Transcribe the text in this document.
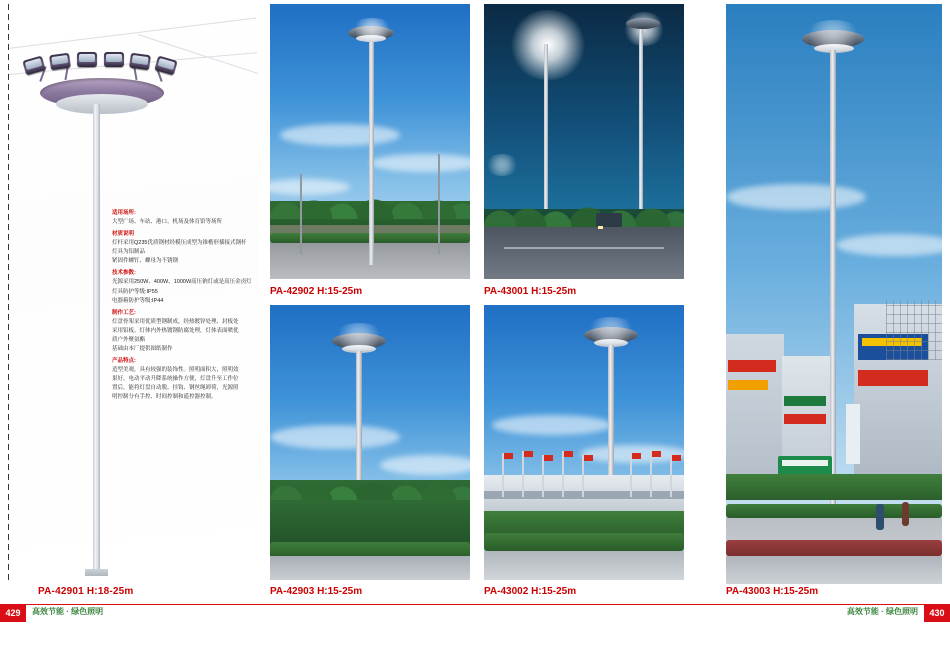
适用场所:

大型广场、车站、港口、机场及体育馆等场所

材质说明

灯杆采用Q235优质钢材经模压成型为锥楷形插接式钢杆

灯具为铝制品

紧固件螺钉、螺母为不锈钢

技术参数:

光源采用250W、400W、1000W高压钠灯或是高压金卤灯

灯具防护等级:IP55

电器箱防护等级:IP44

制作工艺:

灯盘骨架采用优质型钢制成，经热镀锌处理、封板处

采用铝板。灯体内外热镀钢防腐处理，灯体表面喷优

质户外聚氨酯

基础由本厂提供图纸制作

产品特点:

造型美观，具有较强的装饰性。照明面积大，照明效

果好。电动平动升降系统操作方便，灯盘升至工作位

置后，能将灯盘自动脱、挂钩、钢丝绳卸荷，光源照

明控制分有手控、时间控制和遥控器控制。

PA-42901 H:18-25m
PA-42902 H:15-25m	PA-43001 H:15-25m
PA-43003 H:15-25m
PA-42903 H:15-25m	PA-43002 H:15-25m
429	高效节能 · 绿色照明	430
高效节能 · 绿色照明
